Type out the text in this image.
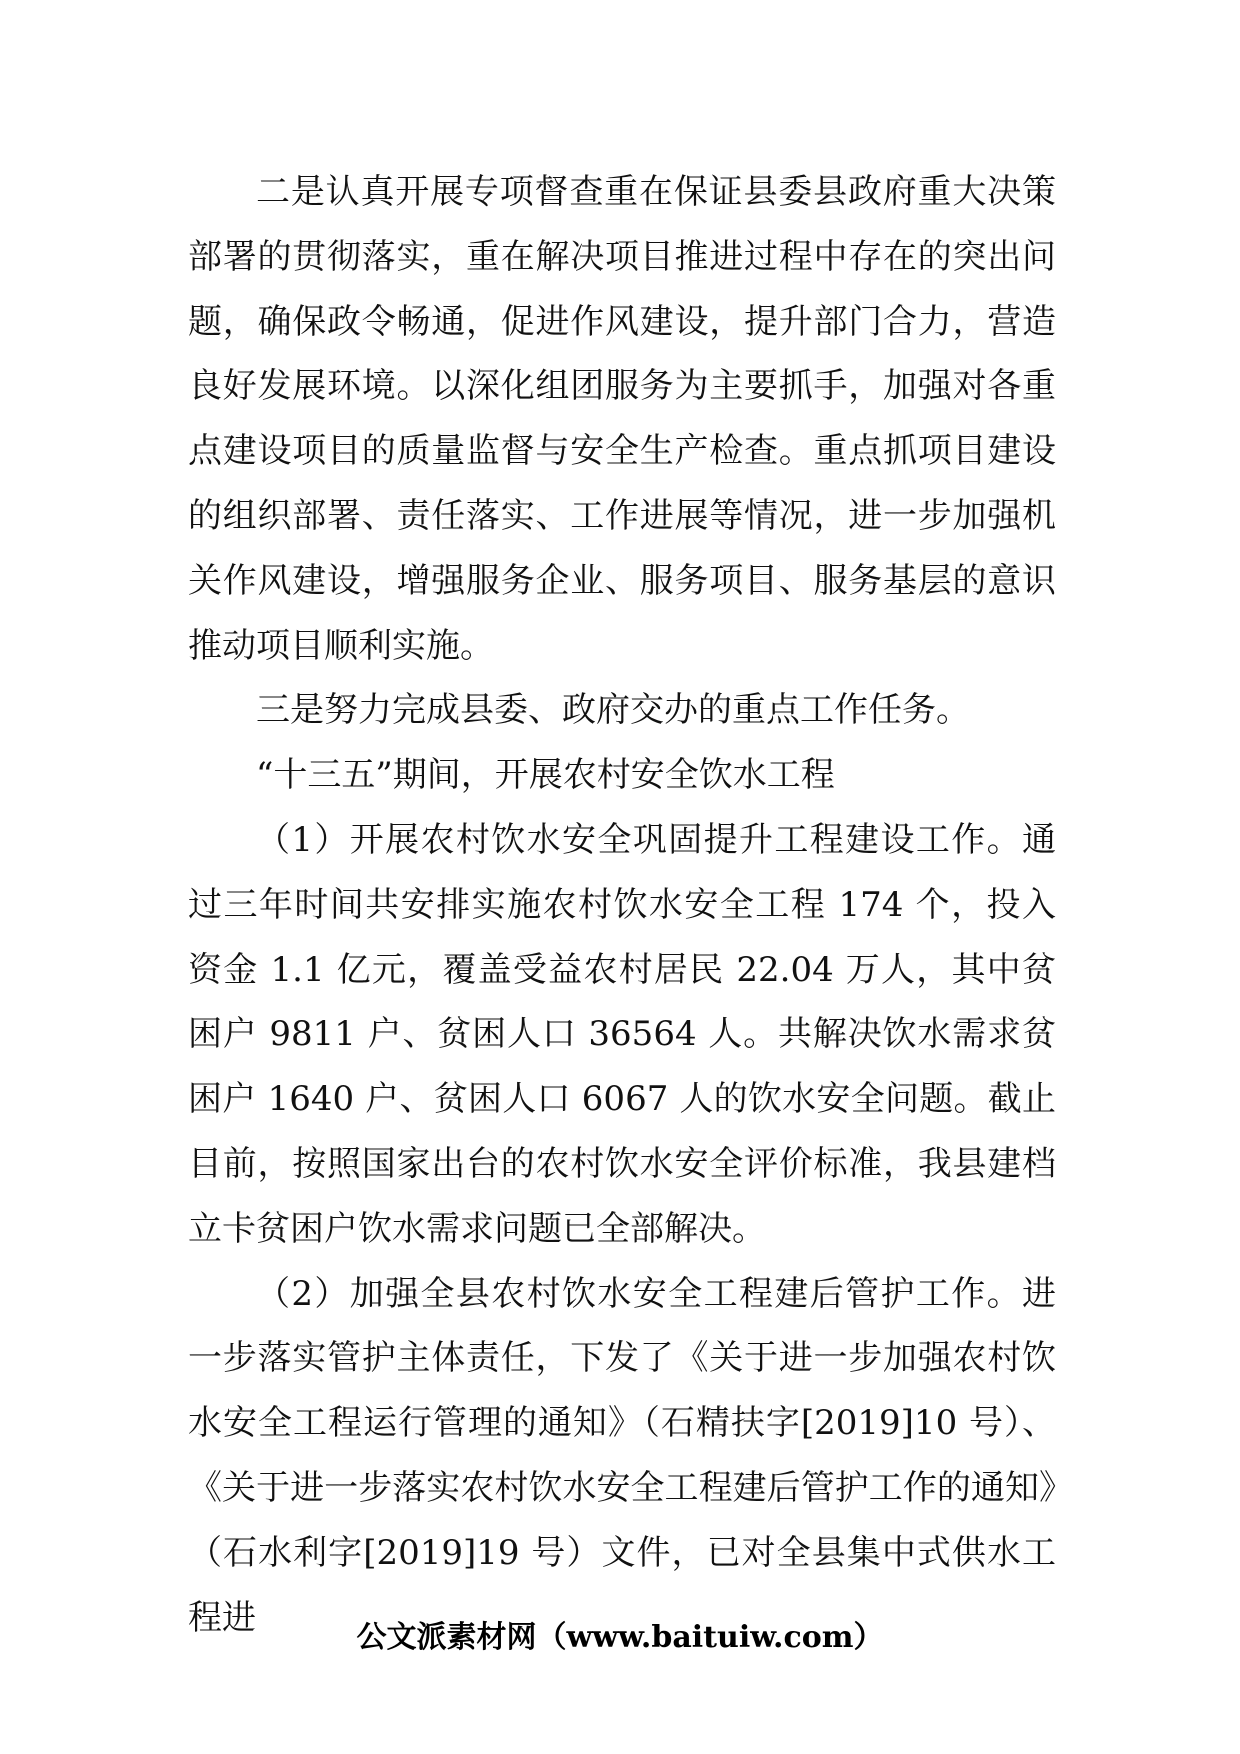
二是认真开展专项督查重在保证县委县政府重大决策部署的贯彻落实，重在解决项目推进过程中存在的突出问题，确保政令畅通，促进作风建设，提升部门合力，营造良好发展环境。以深化组团服务为主要抓手，加强对各重点建设项目的质量监督与安全生产检查。重点抓项目建设的组织部署、责任落实、工作进展等情况，进一步加强机关作风建设，增强服务企业、服务项目、服务基层的意识推动项目顺利实施。

三是努力完成县委、政府交办的重点工作任务。

“十三五”期间，开展农村安全饮水工程

（1）开展农村饮水安全巩固提升工程建设工作。通过三年时间共安排实施农村饮水安全工程 174 个，投入资金 1.1 亿元，覆盖受益农村居民 22.04 万人，其中贫困户 9811 户、贫困人口 36564 人。共解决饮水需求贫困户 1640 户、贫困人口 6067 人的饮水安全问题。截止目前，按照国家出台的农村饮水安全评价标准，我县建档立卡贫困户饮水需求问题已全部解决。

（2）加强全县农村饮水安全工程建后管护工作。进一步落实管护主体责任，下发了《关于进一步加强农村饮水安全工程运行管理的通知》（石精扶字[2019]10 号）、《关于进一步落实农村饮水安全工程建后管护工作的通知》（石水利字[2019]19 号）文件，已对全县集中式供水工程进	公文派素材网（www.baituiw.com）
